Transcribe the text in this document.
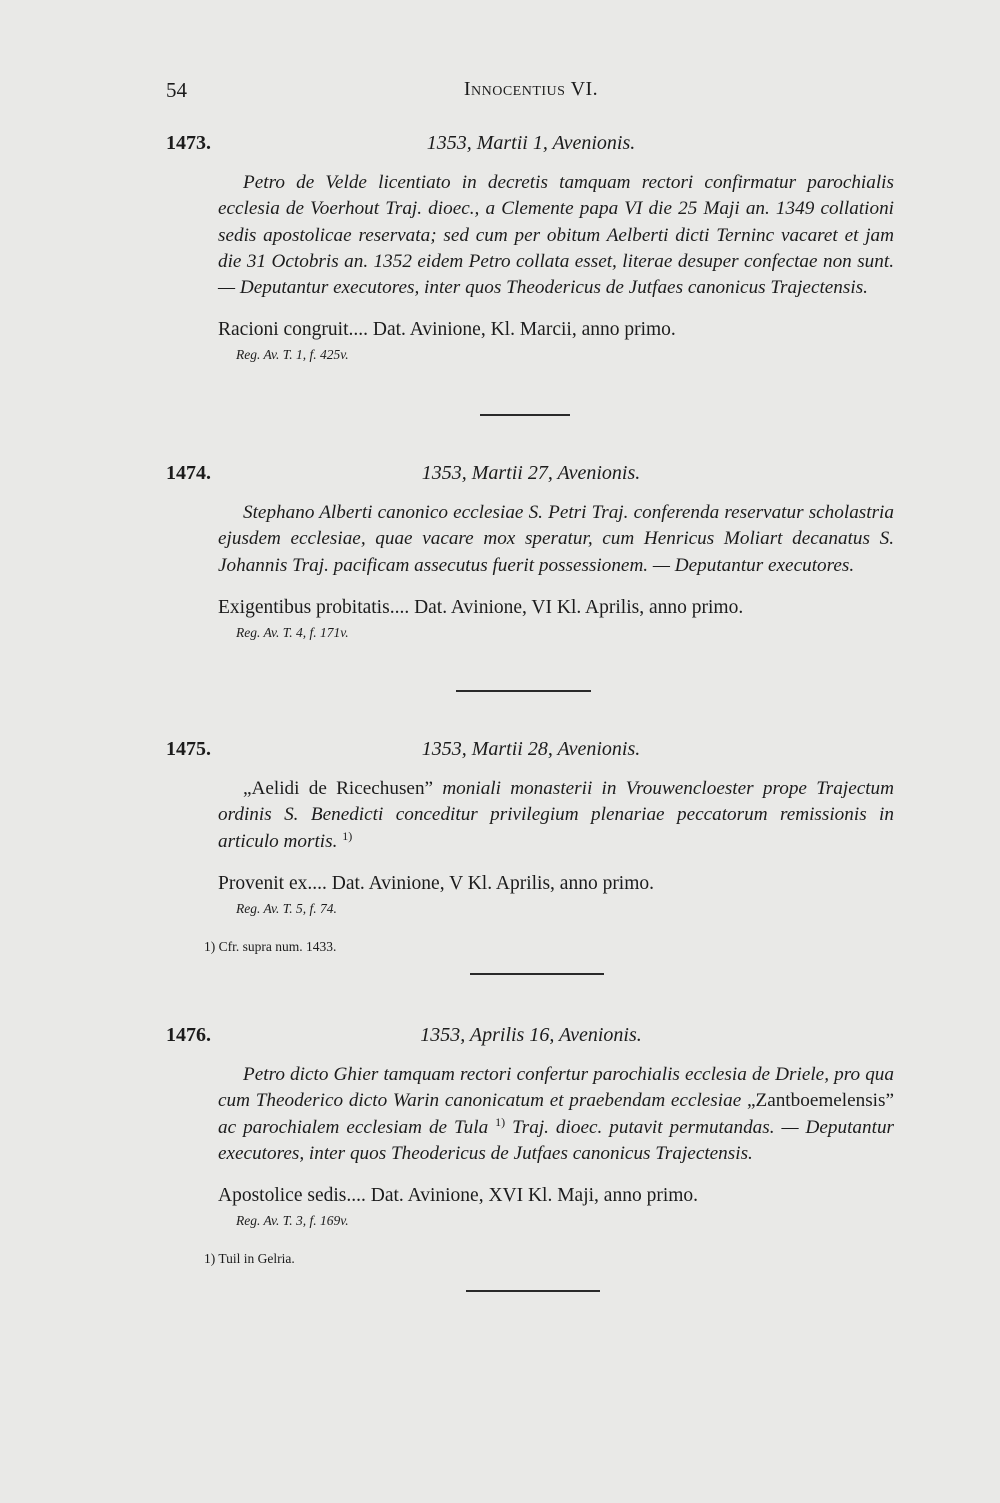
54	Innocentius VI.
1473.	1353, Martii 1, Avenionis.
Petro de Velde licentiato in decretis tamquam rectori confirmatur parochialis ecclesia de Voerhout Traj. dioec., a Clemente papa VI die 25 Maji an. 1349 collationi sedis apostolicae reservata; sed cum per obitum Aelberti dicti Terninc vacaret et jam die 31 Octobris an. 1352 eidem Petro collata esset, literae desuper confectae non sunt. — Deputantur executores, inter quos Theodericus de Jutfaes canonicus Trajectensis.
Racioni congruit.... Dat. Avinione, Kl. Marcii, anno primo.
Reg. Av. T. 1, f. 425v.
1474.	1353, Martii 27, Avenionis.
Stephano Alberti canonico ecclesiae S. Petri Traj. conferenda reservatur scholastria ejusdem ecclesiae, quae vacare mox speratur, cum Henricus Moliart decanatus S. Johannis Traj. pacificam assecutus fuerit possessionem. — Deputantur executores.
Exigentibus probitatis.... Dat. Avinione, VI Kl. Aprilis, anno primo.
Reg. Av. T. 4, f. 171v.
1475.	1353, Martii 28, Avenionis.
„Aelidi de Ricechusen” moniali monasterii in Vrouwencloester prope Trajectum ordinis S. Benedicti conceditur privilegium plenariae peccatorum remissionis in articulo mortis. $^{1)}$
Provenit ex.... Dat. Avinione, V Kl. Aprilis, anno primo.
Reg. Av. T. 5, f. 74.
1) Cfr. supra num. 1433.
1476.	1353, Aprilis 16, Avenionis.
Petro dicto Ghier tamquam rectori confertur parochialis ecclesia de Driele, pro qua cum Theoderico dicto Warin canonicatum et praebendam ecclesiae „Zantboemelensis” ac parochialem ecclesiam de Tula $^{1)}$ Traj. dioec. putavit permutandas. — Deputantur executores, inter quos Theodericus de Jutfaes canonicus Trajectensis.
Apostolice sedis.... Dat. Avinione, XVI Kl. Maji, anno primo.
Reg. Av. T. 3, f. 169v.
1) Tuil in Gelria.
